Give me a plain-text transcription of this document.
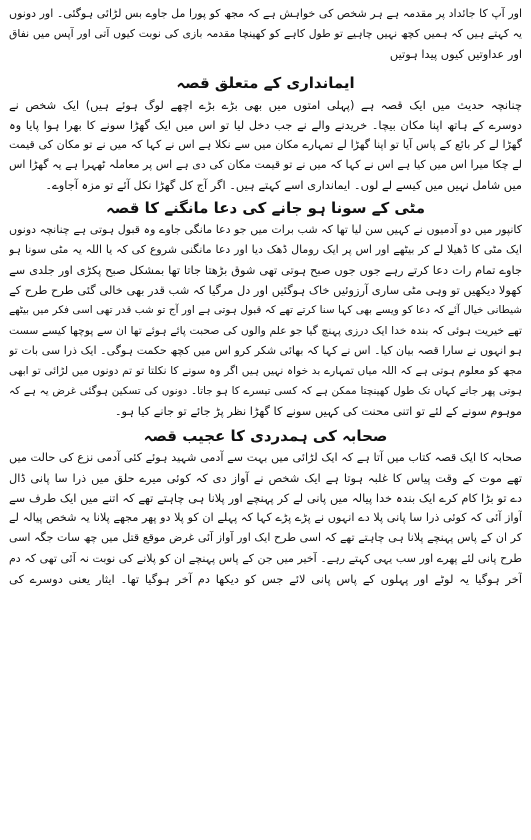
اور آپ کا جائداد پر مقدمہ ہے ہر شخص کی خواہش ہے کہ مجھ کو پورا مل جاوے بس لڑائی ہوگئی۔ اور دونوں
یہ کہتے ہیں کہ ہمیں کچھ نہیں چاہیے تو طول کاہے کو کھینچا مقدمہ بازی کی نوبت کیوں آتی اور آپس میں نفاق
اور عداوتیں کیوں پیدا ہوتیں
ایمانداری کے متعلق قصہ
چنانچہ حدیث میں ایک قصہ ہے (پہلی امتوں میں بھی بڑے بڑے اچھے لوگ ہوئے ہیں) ایک شخص نے
دوسرے کے ہاتھ اپنا مکان بیچا۔ خریدنے والے نے جب دخل لیا تو اس میں ایک گھڑا سونے کا بھرا ہوا پایا وہ
گھڑا لے کر بائع کے پاس آیا تو اپنا گھڑا لے تمہارے مکان میں سے نکلا ہے اس نے کہا کہ میں نے تو مکان کی قیمت
لے چکا میرا اس میں کیا ہے اس نے کہا کہ میں نے تو قیمت مکان کی دی ہے اس پر معاملہ ٹھہرا ہے یہ گھڑا اس
میں شامل نہیں میں کیسے لے لوں۔ ایمانداری اسے کہتے ہیں۔ اگر آج کل گھڑا نکل آئے تو مزہ آجاوے۔
مٹی کے سونا ہو جانے کی دعا مانگنے کا قصہ
کانپور میں دو آدمیوں نے کہیں سن لیا تھا کہ شب برات میں جو دعا مانگی جاوے وہ قبول ہوتی ہے چنانچہ دونوں
ایک مٹی کا ڈھیلا لے کر بیٹھے اور اس پر ایک رومال ڈھک دیا اور دعا مانگنی شروع کی کہ یا اللہ یہ مٹی سونا ہو
جاوے تمام رات دعا کرتے رہے جوں جوں صبح ہوتی تھی شوق بڑھتا جاتا تھا بمشکل صبح پکڑی اور جلدی سے
کھولا دیکھیں تو وہی مٹی ساری آرزوئیں خاک ہوگئیں اور دل مرگیا کہ شب قدر بھی خالی گئی طرح طرح کے
شیطانی خیال آئے کہ دعا کو ویسے بھی کہا سنا کرتے تھے کہ قبول ہوتی ہے اور آج تو شب قدر تھی اسی فکر میں بیٹھے
تھے خیریت ہوئی کہ بندہ خدا ایک درزی پہنچ گیا جو علم والوں کی صحبت پائے ہوئے تھا ان سے پوچھا کیسے سست
ہو انہوں نے سارا قصہ بیان کیا۔ اس نے کہا کہ بھائی شکر کرو اس میں کچھ حکمت ہوگی۔ ایک ذرا سی بات تو
مجھ کو معلوم ہوتی ہے کہ اللہ میاں تمہارے بد خواہ نہیں ہیں اگر وہ سونے کا نکلتا تو تم دونوں میں لڑائی تو ابھی
ہوتی پھر جانے کہاں تک طول کھینچتا ممکن ہے کہ کسی تیسرے کا ہو جاتا۔ دونوں کی تسکین ہوگئی غرض یہ ہے کہ
موہوم سونے کے لئے تو اتنی محنت کی کہیں سونے کا گھڑا نظر پڑ جائے تو جانے کیا ہو۔
صحابہ کی ہمدردی کا عجیب قصہ
صحابہ کا ایک قصہ کتاب میں آتا ہے کہ ایک لڑائی میں بہت سے آدمی شہید ہوئے کئی آدمی نزع کی حالت میں
تھے موت کے وقت پیاس کا غلبہ ہوتا ہے ایک شخص نے آواز دی کہ کوئی میرے حلق میں ذرا سا پانی ڈال
دے تو بڑا کام کرے ایک بندہ خدا پیالہ میں پانی لے کر پہنچے اور پلانا ہی چاہتے تھے کہ اتنے میں ایک طرف سے
آواز آئی کہ کوئی ذرا سا پانی پلا دے انہوں نے پڑے پڑے کہا کہ پہلے ان کو پلا دو پھر مجھے پلانا یہ شخص پیالہ لے
کر ان کے پاس پہنچے پلانا ہی چاہتے تھے کہ اسی طرح ایک اور آواز آئی غرض موقع قتل میں چھ سات جگہ اسی
طرح پانی لئے پھرے اور سب یہی کہتے رہے۔ آخیر میں جن کے پاس پہنچے ان کو پلانے کی نوبت نہ آئی تھی کہ دم
آخر ہوگیا یہ لوٹے اور پہلوں کے پاس پانی لائے جس کو دیکھا دم آخر ہوگیا تھا۔ ایثار یعنی دوسرے کی
